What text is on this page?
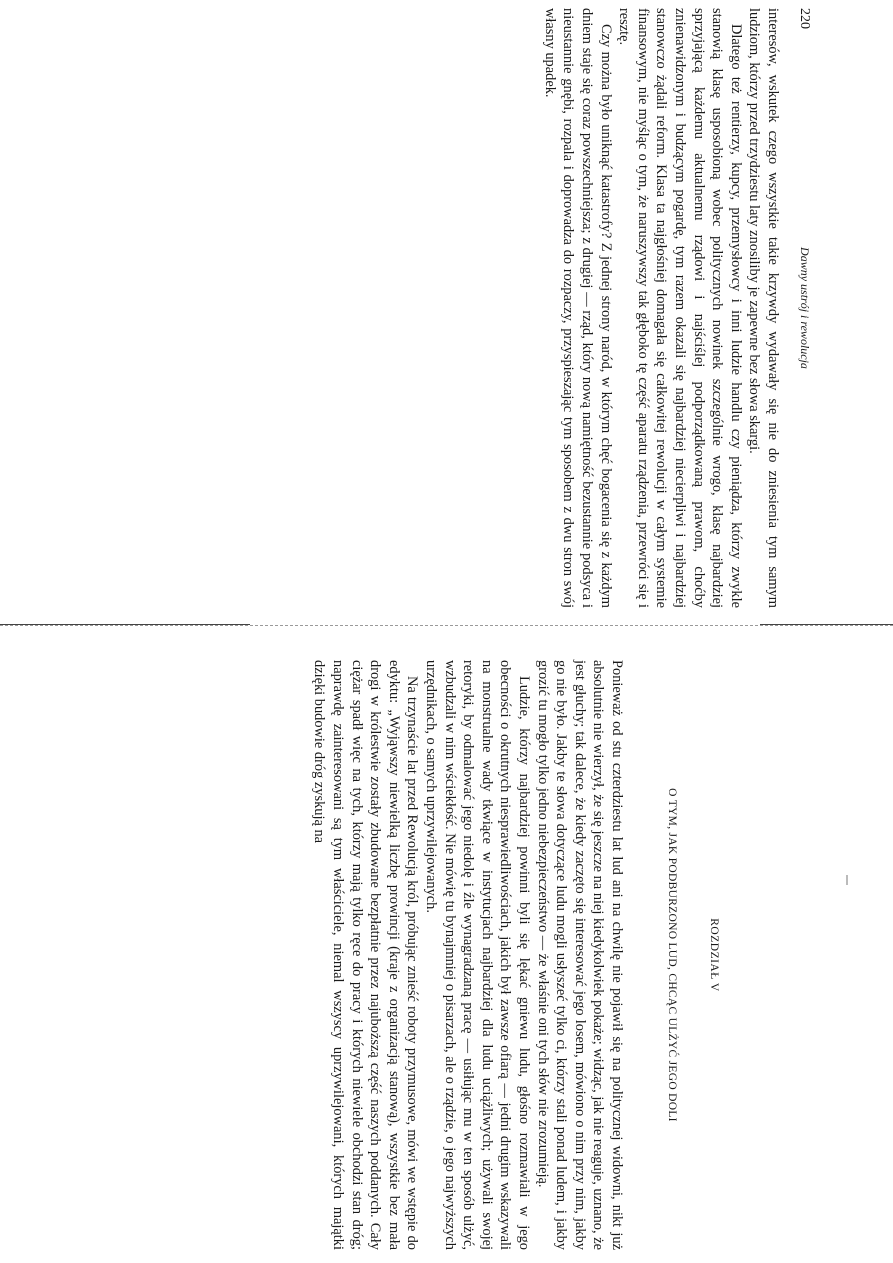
220
Dawny ustrój i rewolucja

interesów, wskutek czego wszystkie takie krzywdy wydawały się nie do zniesienia tym samym ludziom, którzy przed trzydziestu laty znosiliby je zapewne bez słowa skargi.

Dlatego też rentierzy, kupcy, przemysłowcy i inni ludzie handlu czy pieniądza, którzy zwykle stanowią klasę usposobioną wobec politycznych nowinek szczególnie wrogo, klasę najbardziej sprzyjającą każdemu aktualnemu rządowi i najściślej podporządkowaną prawom, choćby znienawidzonym i budzącym pogardę, tym razem okazali się najbardziej niecierpliwi i najbardziej stanowczo żądali reform. Klasa ta najgłośniej domagała się całkowitej rewolucji w całym systemie finansowym, nie myśląc o tym, że naruszywszy tak głęboko tę część aparatu rządzenia, przewróci się i resztę.

Czy można było uniknąć katastrofy? Z jednej strony naród, w którym chęć bogacenia się z każdym dniem staje się coraz powszechniejsza; z drugiej — rząd, który nową namiętność bezustannie podsyca i nieustannie gnębi, rozpala i doprowadza do rozpaczy, przyspieszając tym sposobem z dwu stron swój własny upadek.

ROZDZIAŁ V
O TYM, JAK PODBURZONO LUD, CHCĄC ULŻYĆ JEGO DOLI

Ponieważ od stu czterdziestu lat lud ani na chwilę nie pojawił się na politycznej widowni, nikt już absolutnie nie wierzył, że się jeszcze na niej kiedykolwiek pokaże; widząc, jak nie reaguje, uznano, że jest głuchy; tak dalece, że kiedy zaczęto się interesować jego losem, mówiono o nim przy nim, jakby go nie było. Jakby te słowa dotyczące ludu mogli usłyszeć tylko ci, którzy stali ponad ludem, i jakby grozić tu mogło tylko jedno niebezpieczeństwo — że właśnie oni tych słów nie zrozumieją.

Ludzie, którzy najbardziej powinni byli się lękać gniewu ludu, głośno rozmawiali w jego obecności o okrutnych niesprawiedliwościach, jakich był zawsze ofiarą — jedni drugim wskazywali na monstrualne wady tkwiące w instytucjach najbardziej dla ludu uciążliwych; używali swojej retoryki, by odmalować jego niedolę i źle wynagradzaną pracę — usiłując mu w ten sposób ulżyć, wzbudzali w nim wściekłość. Nie mówię tu bynajmniej o pisarzach, ale o rządzie, o jego najwyższych urzędnikach, o samych uprzywilejowanych.

Na trzynaście lat przed Rewolucją król, próbując znieść roboty przymusowe, mówi we wstępie do edyktu: „Wyjąwszy niewielką liczbę prowincji (kraje z organizacją stanową), wszystkie bez mała drogi w królestwie zostały zbudowane bezpłatnie przez najuboższą część naszych poddanych. Cały ciężar spadł więc na tych, którzy mają tylko ręce do pracy i których niewiele obchodzi stan dróg; naprawdę zainteresowani są tym właściciele, niemal wszyscy uprzywilejowani, których majątki dzięki budowie dróg zyskują na
